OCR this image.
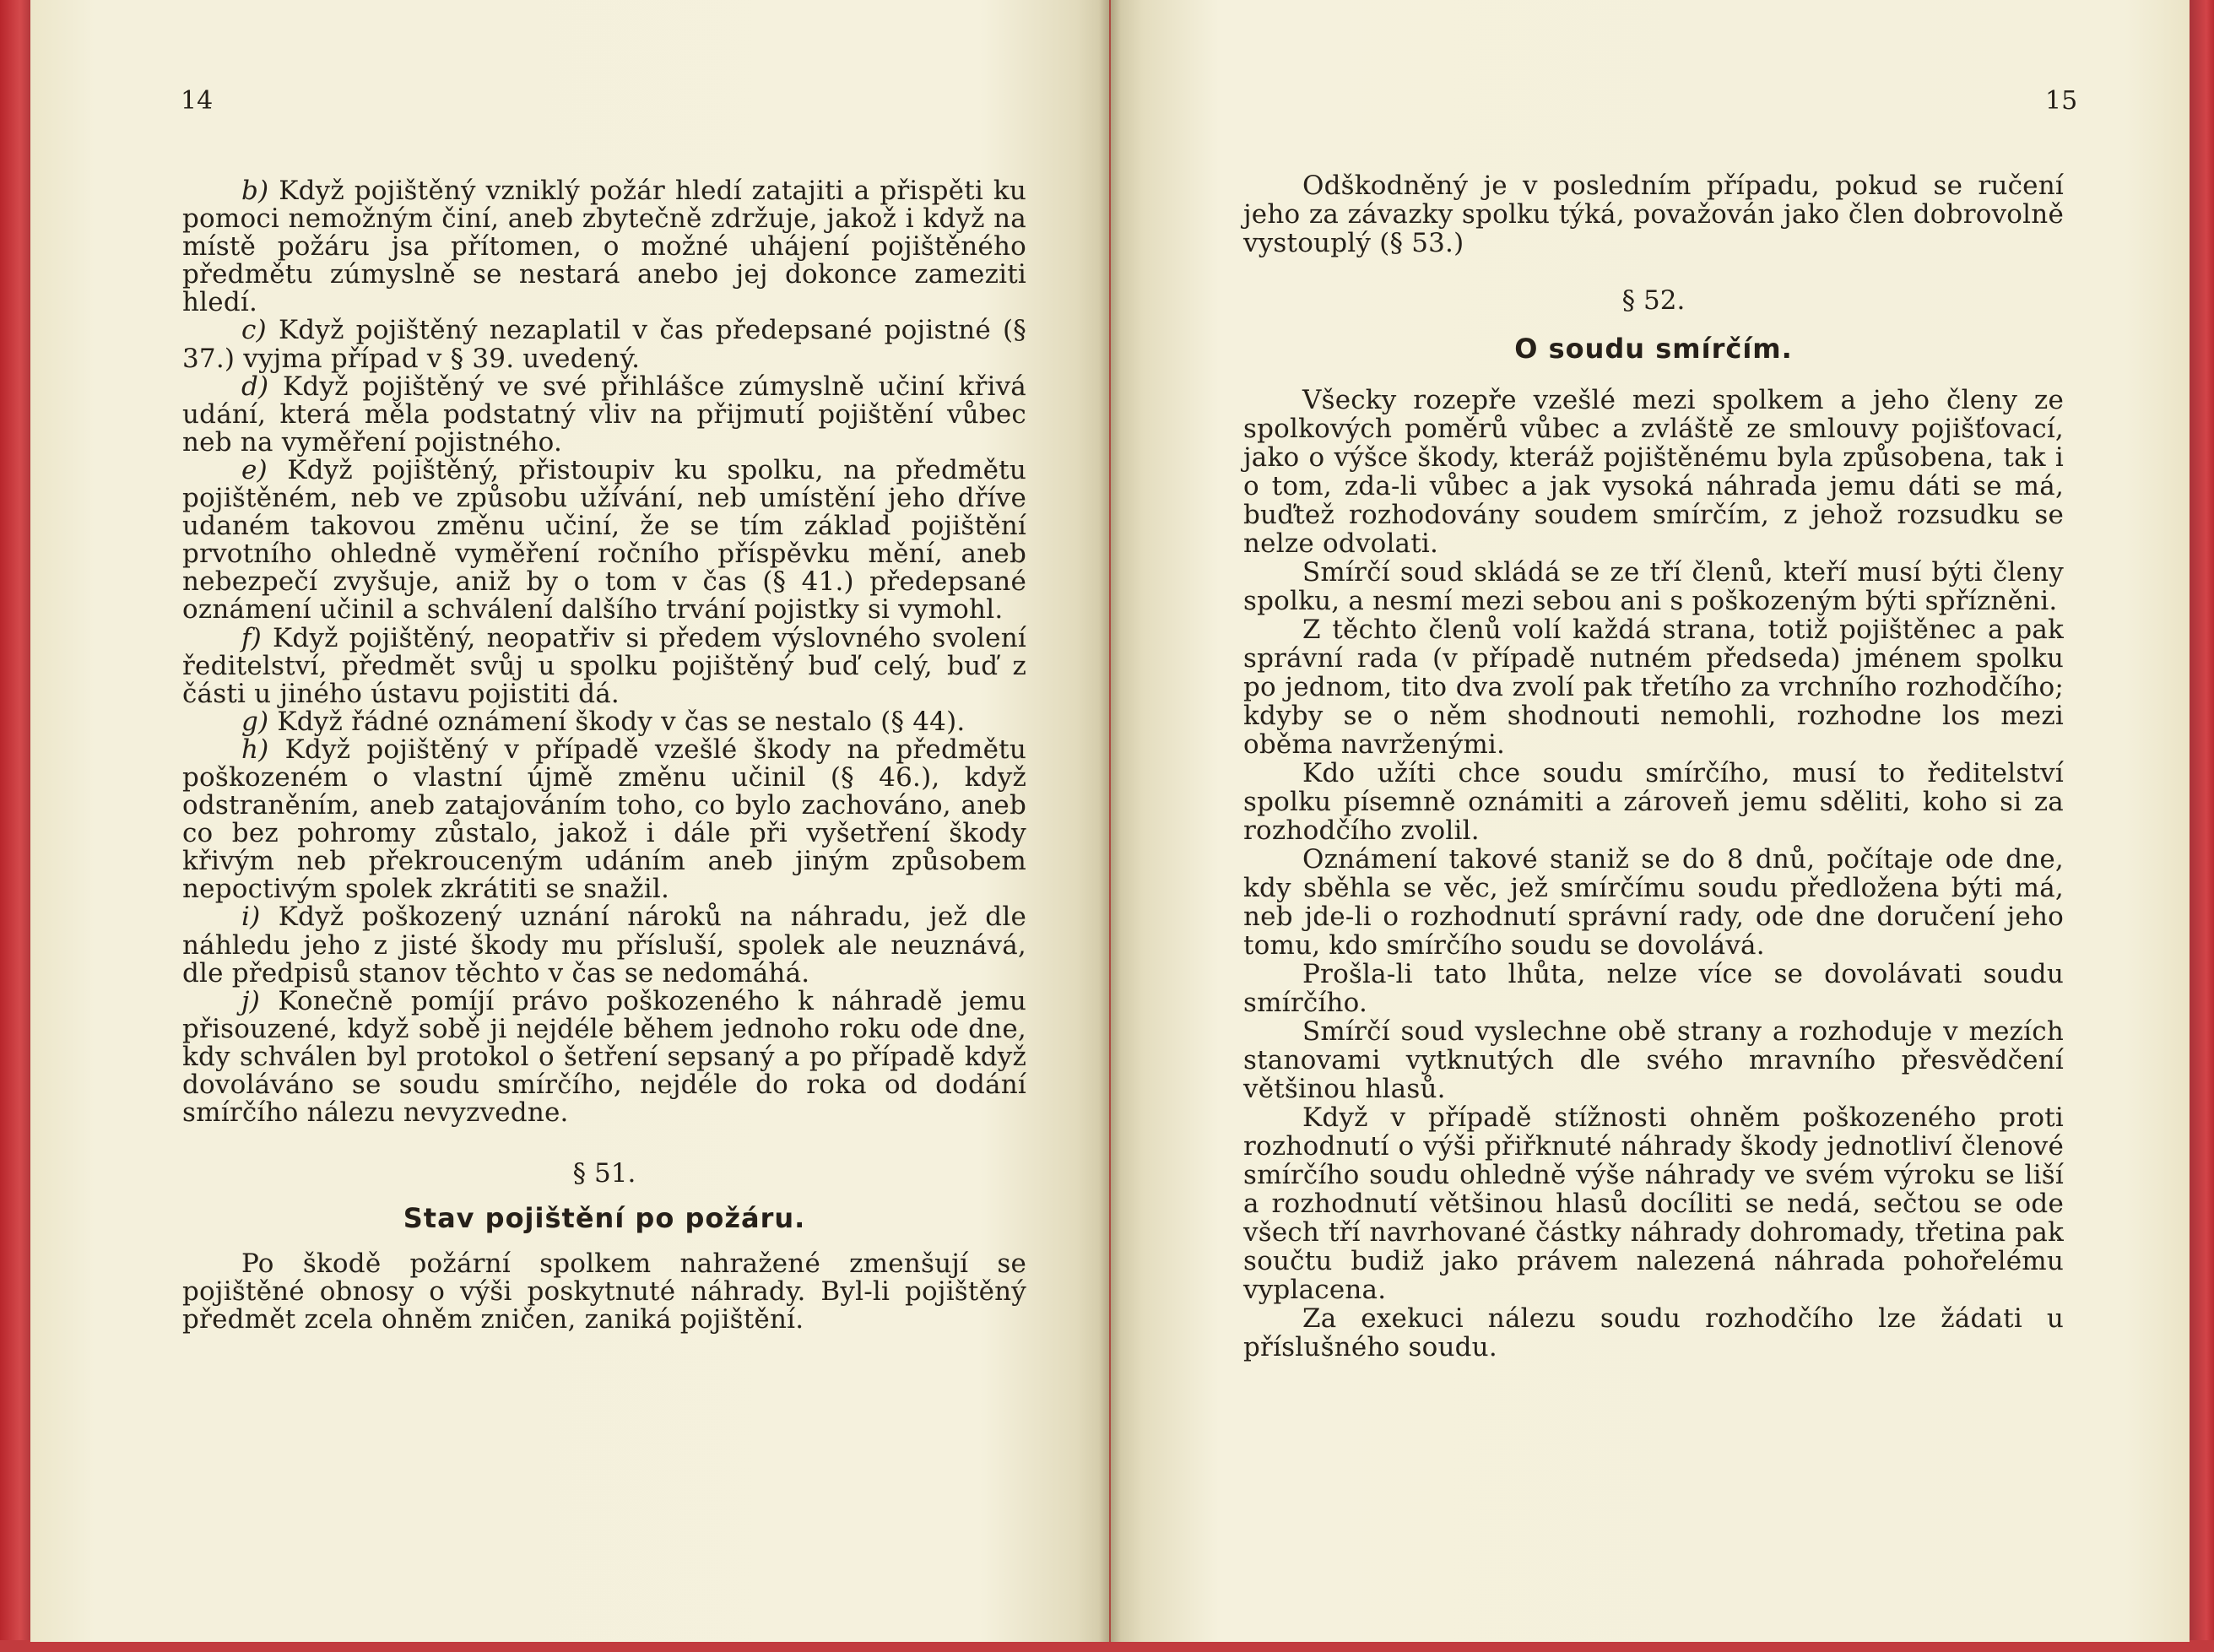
14

b) Když pojištěný vzniklý požár hledí zatajiti a přispěti ku pomoci nemožným činí, aneb zbytečně zdržuje, jakož i když na místě požáru jsa přítomen, o možné uhájení pojištěného předmětu zúmyslně se nestará anebo jej dokonce zameziti hledí.

c) Když pojištěný nezaplatil v čas předepsané pojistné (§ 37.) vyjma případ v § 39. uvedený.

d) Když pojištěný ve své přihlášce zúmyslně učiní křivá udání, která měla podstatný vliv na přijmutí pojištění vůbec neb na vyměření pojistného.

e) Když pojištěný, přistoupiv ku spolku, na předmětu pojištěném, neb ve způsobu užívání, neb umístění jeho dříve udaném takovou změnu učiní, že se tím základ pojištění prvotního ohledně vyměření ročního příspěvku mění, aneb nebezpečí zvyšuje, aniž by o tom v čas (§ 41.) předepsané oznámení učinil a schválení dalšího trvání pojistky si vymohl.

f) Když pojištěný, neopatřiv si předem výslovného svolení ředitelství, předmět svůj u spolku pojištěný buď celý, buď z části u jiného ústavu pojistiti dá.

g) Když řádné oznámení škody v čas se nestalo (§ 44).

h) Když pojištěný v případě vzešlé škody na předmětu poškozeném o vlastní újmě změnu učinil (§ 46.), když odstraněním, aneb zatajováním toho, co bylo zachováno, aneb co bez pohromy zůstalo, jakož i dále při vyšetření škody křivým neb překrouceným udáním aneb jiným způsobem nepoctivým spolek zkrátiti se snažil.

i) Když poškozený uznání nároků na náhradu, jež dle náhledu jeho z jisté škody mu přísluší, spolek ale neuznává, dle předpisů stanov těchto v čas se nedomáhá.

j) Konečně pomíjí právo poškozeného k náhradě jemu přisouzené, když sobě ji nejdéle během jednoho roku ode dne, kdy schválen byl protokol o šetření sepsaný a po případě když dovoláváno se soudu smírčího, nejdéle do roka od dodání smírčího nálezu nevyzvedne.

§ 51.
Stav pojištění po požáru.

Po škodě požární spolkem nahražené zmenšují se pojištěné obnosy o výši poskytnuté náhrady. Byl-li pojištěný předmět zcela ohněm zničen, zaniká pojištění.

15

Odškodněný je v posledním případu, pokud se ručení jeho za závazky spolku týká, považován jako člen dobrovolně vystouplý (§ 53.)

§ 52.
O soudu smírčím.

Všecky rozepře vzešlé mezi spolkem a jeho členy ze spolkových poměrů vůbec a zvláště ze smlouvy pojišťovací, jako o výšce škody, kteráž pojištěnému byla způsobena, tak i o tom, zda-li vůbec a jak vysoká náhrada jemu dáti se má, buďtež rozhodovány soudem smírčím, z jehož rozsudku se nelze odvolati.

Smírčí soud skládá se ze tří členů, kteří musí býti členy spolku, a nesmí mezi sebou ani s poškozeným býti spřízněni.

Z těchto členů volí každá strana, totiž pojištěnec a pak správní rada (v případě nutném předseda) jménem spolku po jednom, tito dva zvolí pak třetího za vrchního rozhodčího; kdyby se o něm shodnouti nemohli, rozhodne los mezi oběma navrženými.

Kdo užíti chce soudu smírčího, musí to ředitelství spolku písemně oznámiti a zároveň jemu sděliti, koho si za rozhodčího zvolil.

Oznámení takové staniž se do 8 dnů, počítaje ode dne, kdy sběhla se věc, jež smírčímu soudu předložena býti má, neb jde-li o rozhodnutí správní rady, ode dne doručení jeho tomu, kdo smírčího soudu se dovolává.

Prošla-li tato lhůta, nelze více se dovolávati soudu smírčího.

Smírčí soud vyslechne obě strany a rozhoduje v mezích stanovami vytknutých dle svého mravního přesvědčení většinou hlasů.

Když v případě stížnosti ohněm poškozeného proti rozhodnutí o výši přiřknuté náhrady škody jednotliví členové smírčího soudu ohledně výše náhrady ve svém výroku se liší a rozhodnutí většinou hlasů docíliti se nedá, sečtou se ode všech tří navrhované částky náhrady dohromady, třetina pak součtu budiž jako právem nalezená náhrada pohořelému vyplacena.

Za exekuci nálezu soudu rozhodčího lze žádati u příslušného soudu.
